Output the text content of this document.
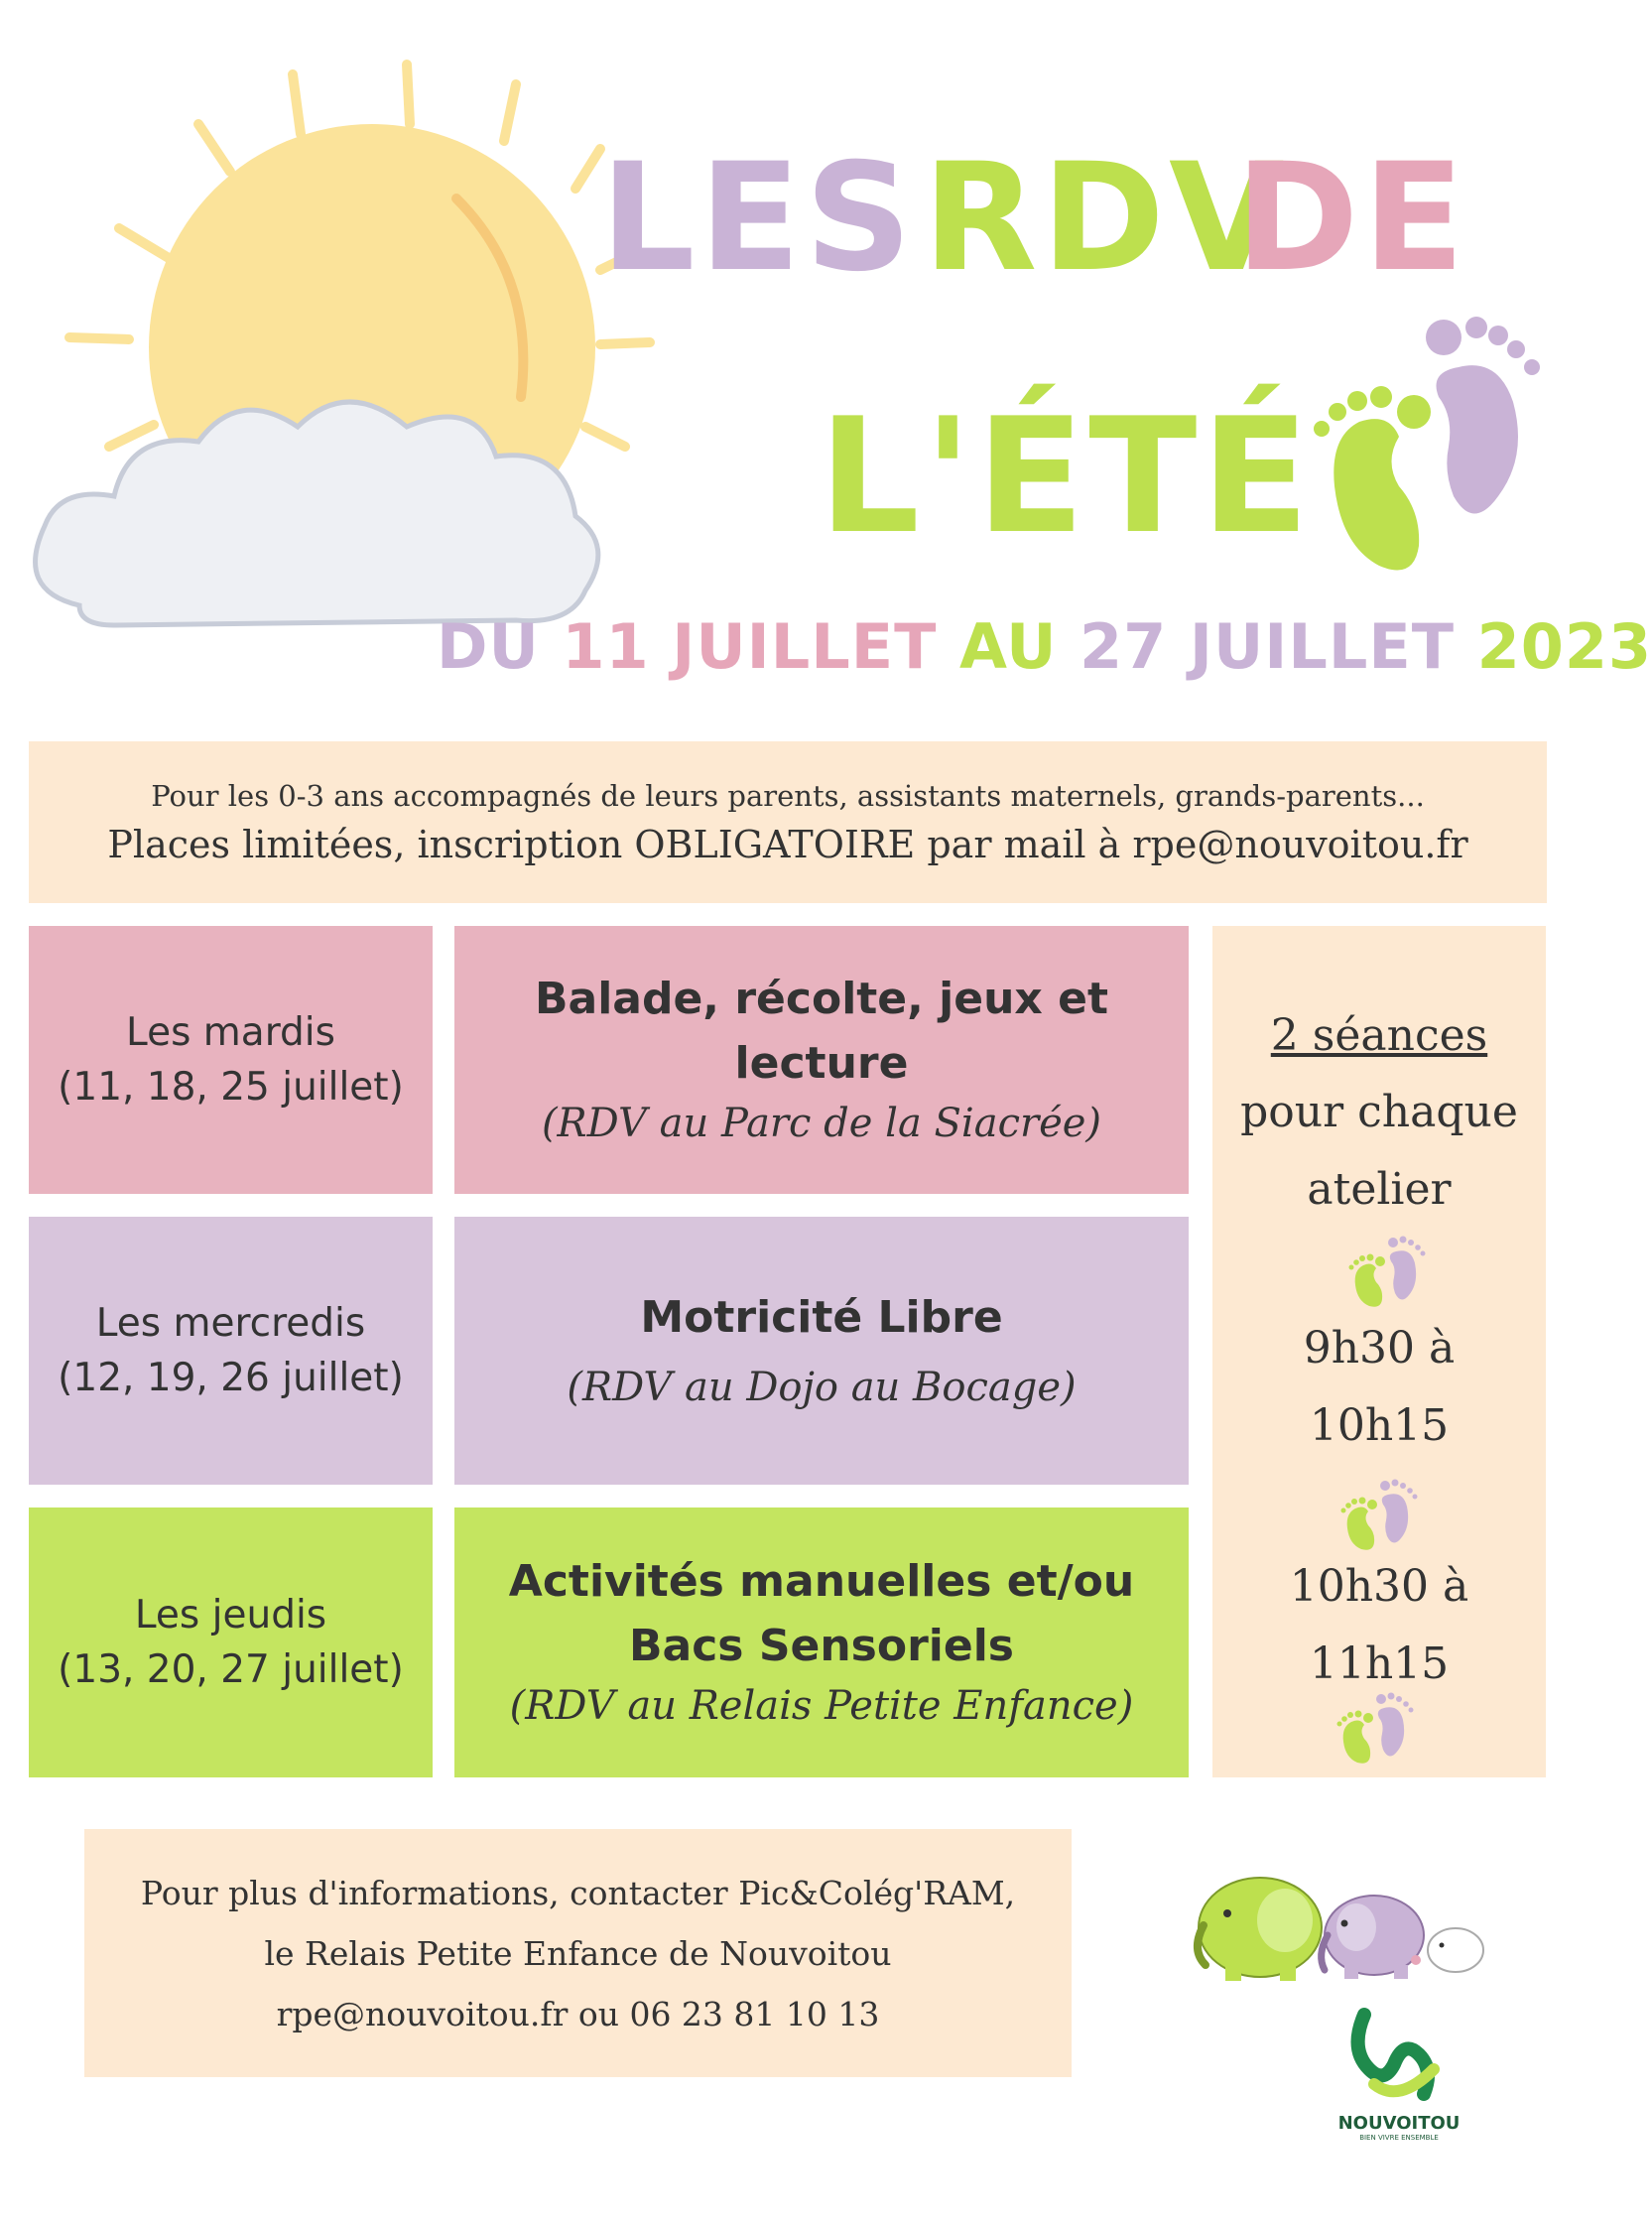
LES RDV
DE
L'ÉTÉ
DU 11 JUILLET AU 27 JUILLET 2023
Pour les 0-3 ans accompagnés de leurs parents, assistants maternels, grands-parents...
Places limitées, inscription OBLIGATOIRE par mail à rpe@nouvoitou.fr
Les mardis
(11, 18, 25 juillet)
Balade, récolte, jeux et
lecture
(RDV au Parc de la Siacrée)
Les mercredis
(12, 19, 26 juillet)
Motricité Libre
(RDV au Dojo au Bocage)
Les jeudis
(13, 20, 27 juillet)
Activités manuelles et/ou
Bacs Sensoriels
(RDV au Relais Petite Enfance)
2 séances
pour chaque
atelier
9h30 à
10h15
10h30 à
11h15
Pour plus d'informations, contacter Pic&Colég'RAM,
le Relais Petite Enfance de Nouvoitou
rpe@nouvoitou.fr ou 06 23 81 10 13
NOUVOITOU
BIEN VIVRE ENSEMBLE
